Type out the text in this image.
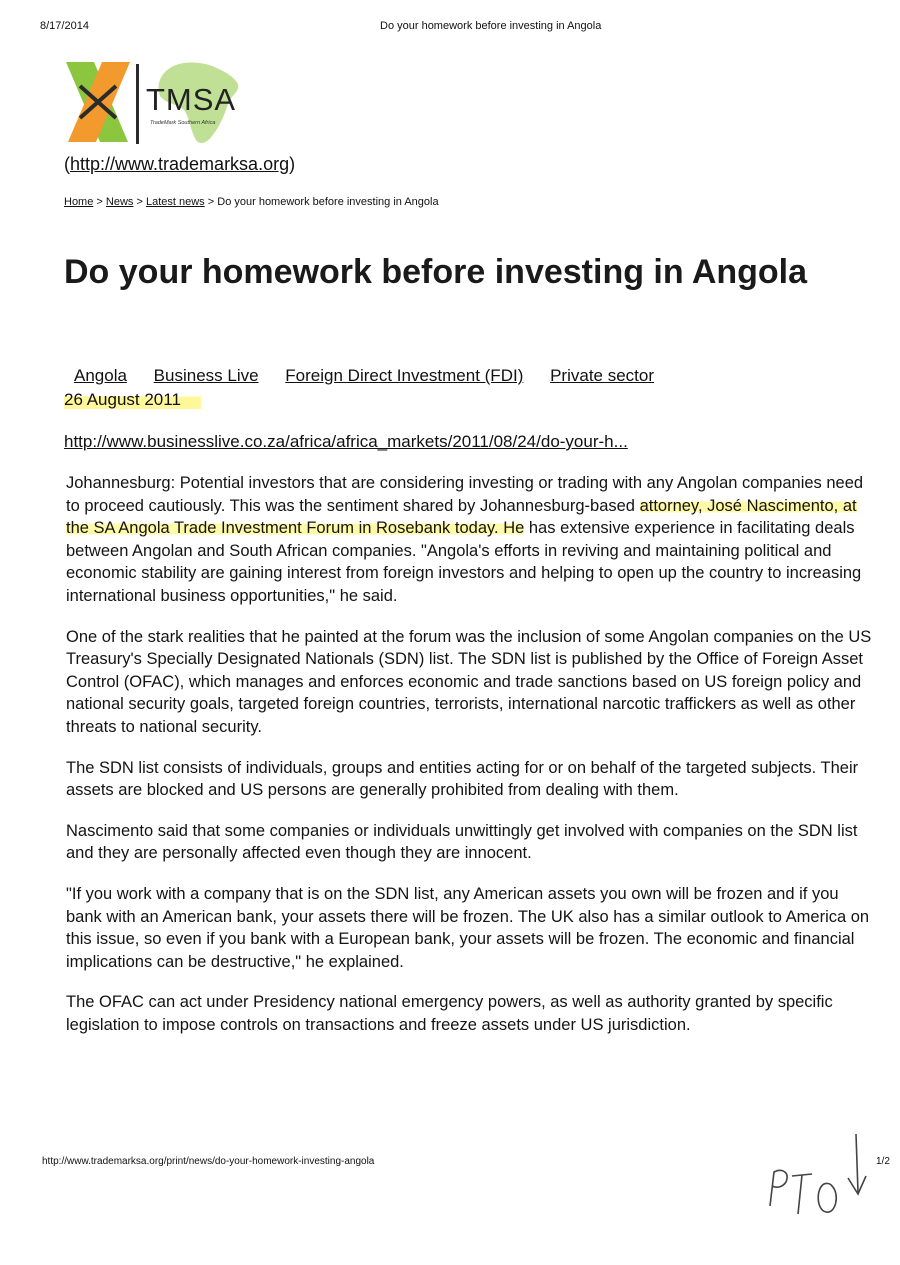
8/17/2014	Do your homework before investing in Angola
TMSA
TradeMark Southern Africa
(http://www.trademarksa.org)
Home > News > Latest news > Do your homework before investing in Angola
Do your homework before investing in Angola
Angola Business Live Foreign Direct Investment (FDI) Private sector
26 August 2011
http://www.businesslive.co.za/africa/africa_markets/2011/08/24/do-your-h...

Johannesburg: Potential investors that are considering investing or trading with any Angolan companies need to proceed cautiously. This was the sentiment shared by Johannesburg-based attorney, José Nascimento, at the SA Angola Trade Investment Forum in Rosebank today. He has extensive experience in facilitating deals between Angolan and South African companies. "Angola's efforts in reviving and maintaining political and economic stability are gaining interest from foreign investors and helping to open up the country to increasing international business opportunities," he said.

One of the stark realities that he painted at the forum was the inclusion of some Angolan companies on the US Treasury's Specially Designated Nationals (SDN) list. The SDN list is published by the Office of Foreign Asset Control (OFAC), which manages and enforces economic and trade sanctions based on US foreign policy and national security goals, targeted foreign countries, terrorists, international narcotic traffickers as well as other threats to national security.

The SDN list consists of individuals, groups and entities acting for or on behalf of the targeted subjects. Their assets are blocked and US persons are generally prohibited from dealing with them.

Nascimento said that some companies or individuals unwittingly get involved with companies on the SDN list and they are personally affected even though they are innocent.

"If you work with a company that is on the SDN list, any American assets you own will be frozen and if you bank with an American bank, your assets there will be frozen. The UK also has a similar outlook to America on this issue, so even if you bank with a European bank, your assets will be frozen. The economic and financial implications can be destructive," he explained.

The OFAC can act under Presidency national emergency powers, as well as authority granted by specific legislation to impose controls on transactions and freeze assets under US jurisdiction.

http://www.trademarksa.org/print/news/do-your-homework-investing-angola	1/2
